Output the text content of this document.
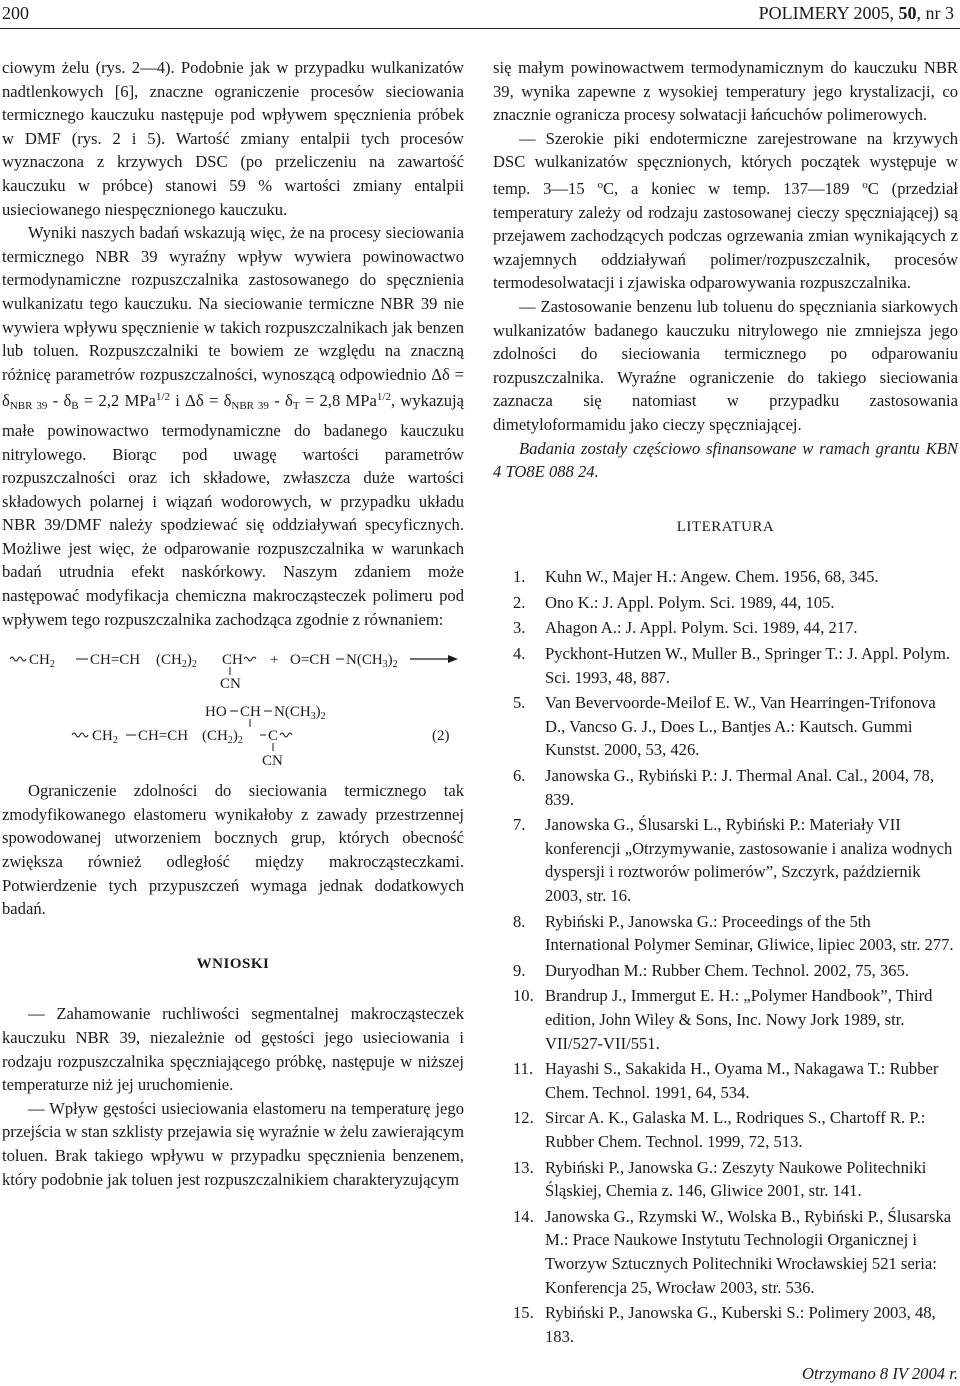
200	POLIMERY 2005, 50, nr 3

ciowym żelu (rys. 2—4). Podobnie jak w przypadku wulkanizatów nadtlenkowych [6], znaczne ograniczenie procesów sieciowania termicznego kauczuku następuje pod wpływem spęcznienia próbek w DMF (rys. 2 i 5). Wartość zmiany entalpii tych procesów wyznaczona z krzywych DSC (po przeliczeniu na zawartość kauczuku w próbce) stanowi 59 % wartości zmiany entalpii usieciowanego niespęcznionego kauczuku.

Wyniki naszych badań wskazują więc, że na procesy sieciowania termicznego NBR 39 wyraźny wpływ wywiera powinowactwo termodynamiczne rozpuszczalnika zastosowanego do spęcznienia wulkanizatu tego kauczuku. Na sieciowanie termiczne NBR 39 nie wywiera wpływu spęcznienie w takich rozpuszczalnikach jak benzen lub toluen. Rozpuszczalniki te bowiem ze względu na znaczną różnicę parametrów rozpuszczalności, wynoszącą odpowiednio $\Delta\delta = \delta_{NBR 39} - \delta_B = 2,2$ MPa$^{1/2}$ i $\Delta\delta = \delta_{NBR 39} - \delta_T = 2,8$ MPa$^{1/2}$, wykazują małe powinowactwo termodynamiczne do badanego kauczuku nitrylowego. Biorąc pod uwagę wartości parametrów rozpuszczalności oraz ich składowe, zwłaszcza duże wartości składowych polarnej i wiązań wodorowych, w przypadku układu NBR 39/DMF należy spodziewać się oddziaływań specyficznych. Możliwe jest więc, że odparowanie rozpuszczalnika w warunkach badań utrudnia efekt naskórkowy. Naszym zdaniem może następować modyfikacja chemiczna makrocząsteczek polimeru pod wpływem tego rozpuszczalnika zachodząca zgodnie z równaniem:

$CH_2$ CH=CH $(CH_2)_2$ CH
CN
+ O=CH $N(CH_3)_2$
HO CH $N(CH_3)_2$
$CH_2$ CH=CH $(CH_2)_2$ C
CN
(2)

Ograniczenie zdolności do sieciowania termicznego tak zmodyfikowanego elastomeru wynikałoby z zawady przestrzennej spowodowanej utworzeniem bocznych grup, których obecność zwiększa również odległość między makrocząsteczkami. Potwierdzenie tych przypuszczeń wymaga jednak dodatkowych badań.

WNIOSKI

— Zahamowanie ruchliwości segmentalnej makrocząsteczek kauczuku NBR 39, niezależnie od gęstości jego usieciowania i rodzaju rozpuszczalnika spęczniającego próbkę, następuje w niższej temperaturze niż jej uruchomienie.

— Wpływ gęstości usieciowania elastomeru na temperaturę jego przejścia w stan szklisty przejawia się wyraźnie w żelu zawierającym toluen. Brak takiego wpływu w przypadku spęcznienia benzenem, który podobnie jak toluen jest rozpuszczalnikiem charakteryzującym

się małym powinowactwem termodynamicznym do kauczuku NBR 39, wynika zapewne z wysokiej temperatury jego krystalizacji, co znacznie ogranicza procesy solwatacji łańcuchów polimerowych.

— Szerokie piki endotermiczne zarejestrowane na krzywych DSC wulkanizatów spęcznionych, których początek występuje w temp. 3—15 $^o$C, a koniec w temp. 137—189 $^o$C (przedział temperatury zależy od rodzaju zastosowanej cieczy spęczniającej) są przejawem zachodzących podczas ogrzewania zmian wynikających z wzajemnych oddziaływań polimer/rozpuszczalnik, procesów termodesolwatacji i zjawiska odparowywania rozpuszczalnika.

— Zastosowanie benzenu lub toluenu do spęczniania siarkowych wulkanizatów badanego kauczuku nitrylowego nie zmniejsza jego zdolności do sieciowania termicznego po odparowaniu rozpuszczalnika. Wyraźne ograniczenie do takiego sieciowania zaznacza się natomiast w przypadku zastosowania dimetyloformamidu jako cieczy spęczniającej.

Badania zostały częściowo sfinansowane w ramach grantu KBN 4 TO8E 088 24.

LITERATURA
1.	Kuhn W., Majer H.: Angew. Chem. 1956, 68, 345.
2.	Ono K.: J. Appl. Polym. Sci. 1989, 44, 105.
3.	Ahagon A.: J. Appl. Polym. Sci. 1989, 44, 217.
4.	Pyckhont-Hutzen W., Muller B., Springer T.: J. Appl. Polym. Sci. 1993, 48, 887.
5.	Van Bevervoorde-Meilof E. W., Van Hearringen-Trifonova D., Vancso G. J., Does L., Bantjes A.: Kautsch. Gummi Kunstst. 2000, 53, 426.
6.	Janowska G., Rybiński P.: J. Thermal Anal. Cal., 2004, 78, 839.
7.	Janowska G., Ślusarski L., Rybiński P.: Materiały VII konferencji „Otrzymywanie, zastosowanie i analiza wodnych dyspersji i roztworów polimerów”, Szczyrk, październik 2003, str. 16.
8.	Rybiński P., Janowska G.: Proceedings of the 5th International Polymer Seminar, Gliwice, lipiec 2003, str. 277.
9.	Duryodhan M.: Rubber Chem. Technol. 2002, 75, 365.
10. Brandrup J., Immergut E. H.: „Polymer Handbook”, Third edition, John Wiley & Sons, Inc. Nowy Jork 1989, str. VII/527-VII/551.
11. Hayashi S., Sakakida H., Oyama M., Nakagawa T.: Rubber Chem. Technol. 1991, 64, 534.
12. Sircar A. K., Galaska M. L., Rodriques S., Chartoff R. P.: Rubber Chem. Technol. 1999, 72, 513.
13. Rybiński P., Janowska G.: Zeszyty Naukowe Politechniki Śląskiej, Chemia z. 146, Gliwice 2001, str. 141.
14. Janowska G., Rzymski W., Wolska B., Rybiński P., Ślusarska M.: Prace Naukowe Instytutu Technologii Organicznej i Tworzyw Sztucznych Politechniki Wrocławskiej 521 seria: Konferencja 25, Wrocław 2003, str. 536.
15. Rybiński P., Janowska G., Kuberski S.: Polimery 2003, 48, 183.
Otrzymano 8 IV 2004 r.
